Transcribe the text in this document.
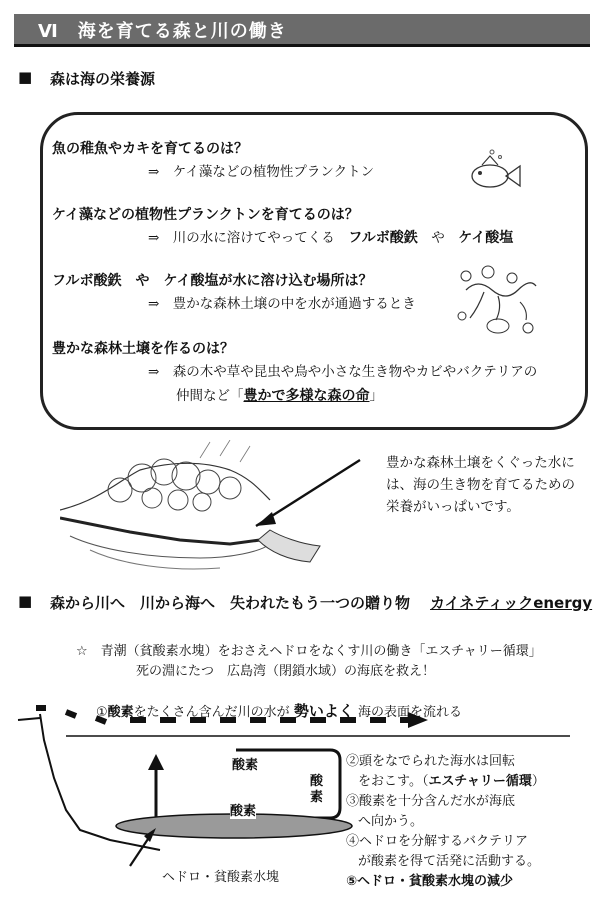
Ⅵ　海を育てる森と川の働き
■ 森は海の栄養源
魚の稚魚やカキを育てるのは？
⇒　ケイ藻などの植物性プランクトン
ケイ藻などの植物性プランクトンを育てるのは？
⇒　川の水に溶けてやってくる　 フルボ酸鉄　 や　 ケイ酸塩
フルボ酸鉄　や　ケイ酸塩が水に溶け込む場所は？
⇒　豊かな森林土壌の中を水が通過するとき
豊かな森林土壌を作るのは？
⇒　森の木や草や昆虫や鳥や小さな生き物やカビやバクテリアの
仲間など「豊かで多様な森の命」
豊かな森林土壌をくぐった水には、海の生き物を育てるための栄養がいっぱいです。
■ 森から川へ　川から海へ　失われたもう一つの贈り物 カイネティックenergy
☆　青潮（貧酸素水塊）をおさえヘドロをなくす川の働き「エスチャリー循環」
死の淵にたつ　広島湾（閉鎖水域）の海底を救え！
①酸素をたくさん含んだ川の水が 勢いよく 海の表面を流れる
酸素
酸素
酸素
ヘドロ・貧酸素水塊
②頭をなでられた海水は回転
をおこす。（エスチャリー循環）
③酸素を十分含んだ水が海底
へ向かう。
④ヘドロを分解するバクテリア
が酸素を得て活発に活動する。
⑤ヘドロ・貧酸素水塊の減少
